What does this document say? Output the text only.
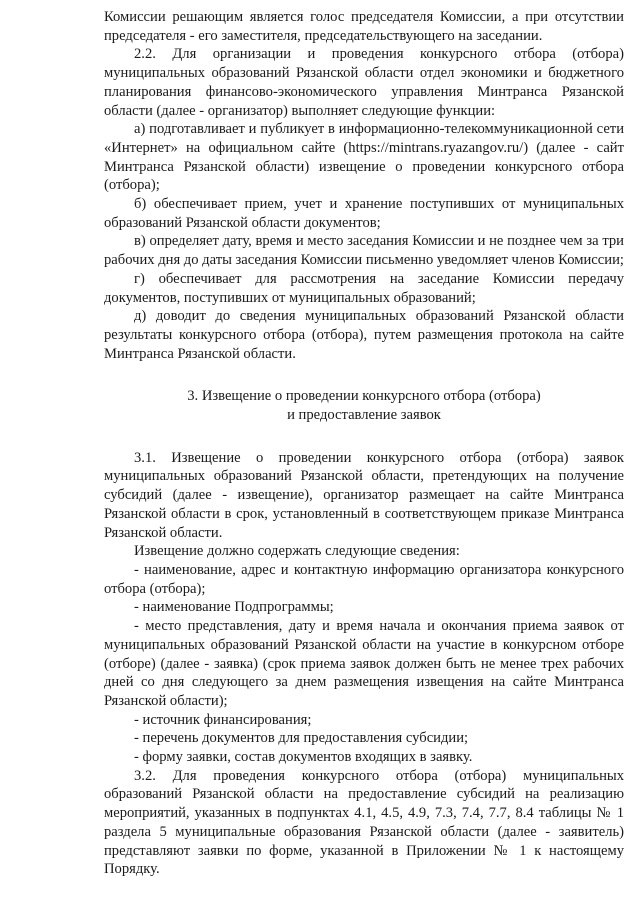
Комиссии решающим является голос председателя Комиссии, а при отсутствии председателя - его заместителя, председательствующего на заседании.

2.2. Для организации и проведения конкурсного отбора (отбора) муниципальных образований Рязанской области отдел экономики и бюджетного планирования финансово-экономического управления Минтранса Рязанской области (далее - организатор) выполняет следующие функции:

а) подготавливает и публикует в информационно-телекоммуникационной сети «Интернет» на официальном сайте (https://mintrans.ryazangov.ru/) (далее - сайт Минтранса Рязанской области) извещение о проведении конкурсного отбора (отбора);

б) обеспечивает прием, учет и хранение поступивших от муниципальных образований Рязанской области документов;

в) определяет дату, время и место заседания Комиссии и не позднее чем за три рабочих дня до даты заседания Комиссии письменно уведомляет членов Комиссии;

г) обеспечивает для рассмотрения на заседание Комиссии передачу документов, поступивших от муниципальных образований;

д) доводит до сведения муниципальных образований Рязанской области результаты конкурсного отбора (отбора), путем размещения протокола на сайте Минтранса Рязанской области.

3. Извещение о проведении конкурсного отбора (отбора)

и предоставление заявок

3.1. Извещение о проведении конкурсного отбора (отбора) заявок муниципальных образований Рязанской области, претендующих на получение субсидий (далее - извещение), организатор размещает на сайте Минтранса Рязанской области в срок, установленный в соответствующем приказе Минтранса Рязанской области.

Извещение должно содержать следующие сведения:

- наименование, адрес и контактную информацию организатора конкурсного отбора (отбора);

- наименование Подпрограммы;

- место представления, дату и время начала и окончания приема заявок от муниципальных образований Рязанской области на участие в конкурсном отборе (отборе) (далее - заявка) (срок приема заявок должен быть не менее трех рабочих дней со дня следующего за днем размещения извещения на сайте Минтранса Рязанской области);

- источник финансирования;

- перечень документов для предоставления субсидии;

- форму заявки, состав документов входящих в заявку.

3.2. Для проведения конкурсного отбора (отбора) муниципальных образований Рязанской области на предоставление субсидий на реализацию мероприятий, указанных в подпунктах 4.1, 4.5, 4.9, 7.3, 7.4, 7.7, 8.4 таблицы № 1 раздела 5 муниципальные образования Рязанской области (далее - заявитель) представляют заявки по форме, указанной в Приложении № 1 к настоящему Порядку.
